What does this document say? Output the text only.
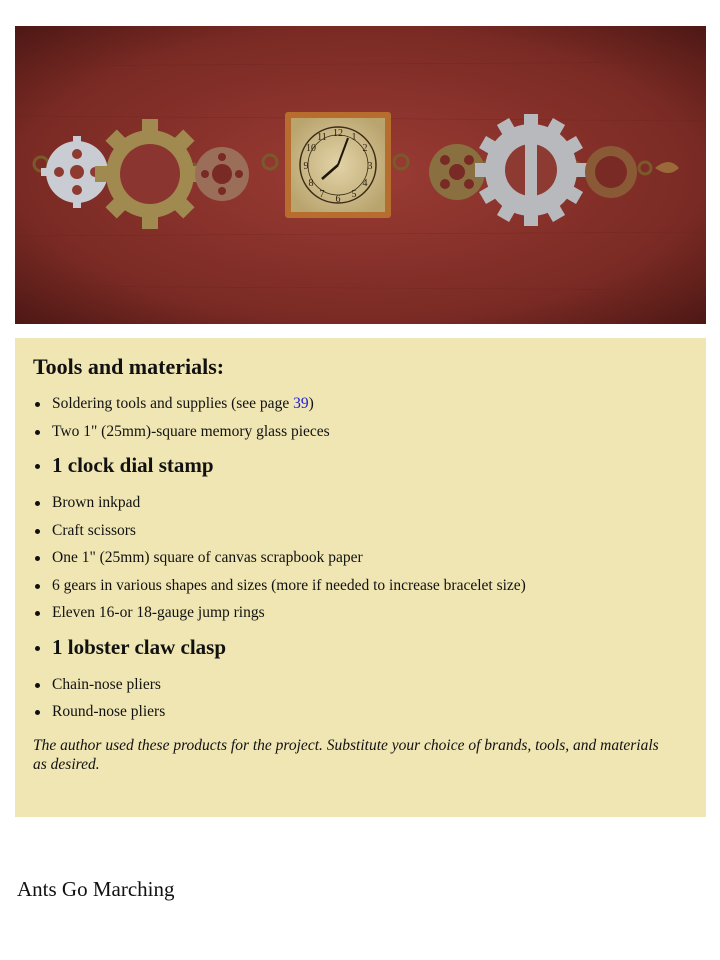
12 1
2
3
4
5
6
7
8
9
10
11
Tools and materials:
Soldering tools and supplies (see page 39)
Two 1" (25mm)-square memory glass pieces
1 clock dial stamp
Brown inkpad
Craft scissors
One 1" (25mm) square of canvas scrapbook paper
6 gears in various shapes and sizes (more if needed to increase bracelet size)
Eleven 16-or 18-gauge jump rings
1 lobster claw clasp
Chain-nose pliers
Round-nose pliers
The author used these products for the project. Substitute your choice of brands, tools, and materials as desired.
Ants Go Marching
